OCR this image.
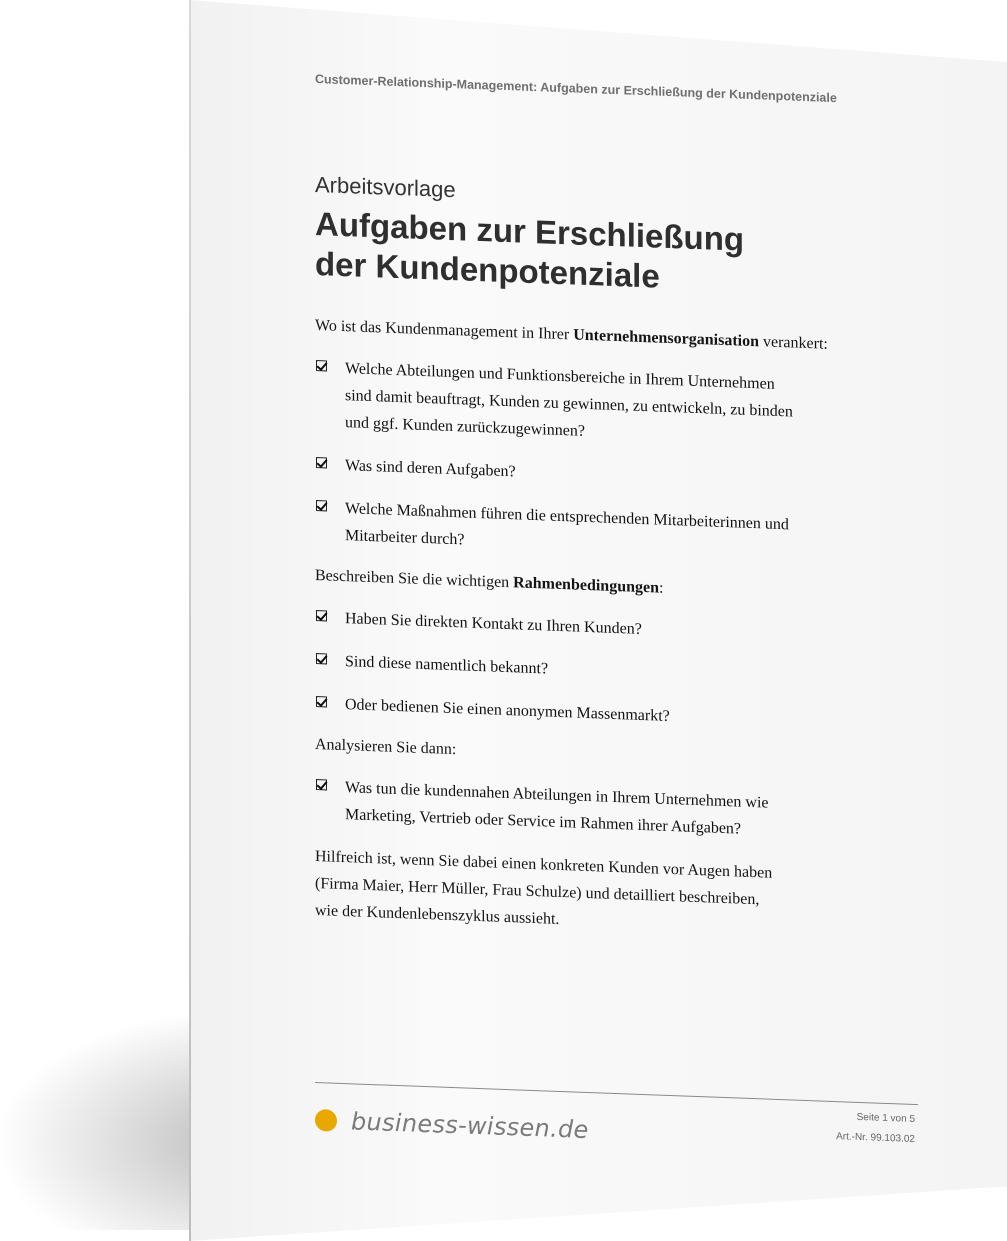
Customer-Relationship-Management: Aufgaben zur Erschließung der Kundenpotenziale

Arbeitsvorlage
Aufgaben zur Erschließung
der Kundenpotenziale

Wo ist das Kundenmanagement in Ihrer Unternehmensorganisation verankert:

Welche Abteilungen und Funktionsbereiche in Ihrem Unternehmen sind damit beauftragt, Kunden zu gewinnen, zu entwickeln, zu binden und ggf. Kunden zurückzugewinnen?
Was sind deren Aufgaben?
Welche Maßnahmen führen die entsprechenden Mitarbeiterinnen und Mitarbeiter durch?

Beschreiben Sie die wichtigen Rahmenbedingungen:

Haben Sie direkten Kontakt zu Ihren Kunden?
Sind diese namentlich bekannt?
Oder bedienen Sie einen anonymen Massenmarkt?

Analysieren Sie dann:

Was tun die kundennahen Abteilungen in Ihrem Unternehmen wie Marketing, Vertrieb oder Service im Rahmen ihrer Aufgaben?

Hilfreich ist, wenn Sie dabei einen konkreten Kunden vor Augen haben (Firma Maier, Herr Müller, Frau Schulze) und detailliert beschreiben, wie der Kundenlebenszyklus aussieht.

Seite 1 von 5
Art.-Nr. 99.103.02
business-wissen.de
